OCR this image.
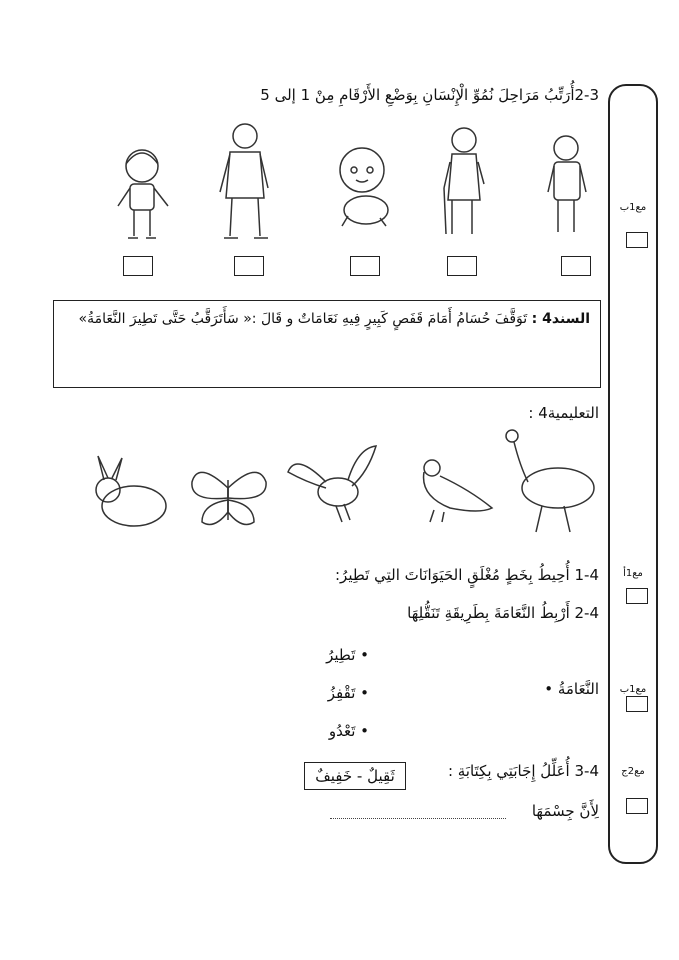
2-3أُرَتِّبُ مَرَاحِلَ نُمُوِّ الْإِنْسَانِ بِوَضْعِ الأَرْقَامِ مِنْ 1 إلى 5
مع1ب
مع1أ
مع1ب
مع2ج
السند4 : تَوَقَّفَ حُسَامُ أَمَامَ قَفَصٍ كَبِيرٍ فِيهِ نَعَامَاتٌ و قَالَ :« سَأَتَرَقَّبُ حَتَّى تَطِيرَ النَّعَامَةُ»
التعليمية4 :
1-4 أُحِيطُ بِخَطٍ مُغْلَقٍ الحَيَوَانَاتَ التِي تَطِيرُ:
2-4 أَرْبِطُ النَّعَامَةَ بِطَرِيقَةِ تَنَقُّلِهَا
النَّعَامَةُ •
• تَطِيرُ
• تَقْفِزُ
• تَعْدُو
3-4 أُعَلِّلُ إِجَابَتِي بِكِتَابَةِ :
ثَقِيلٌ - خَفِيفٌ
لِأَنَّ جِسْمَهَا
